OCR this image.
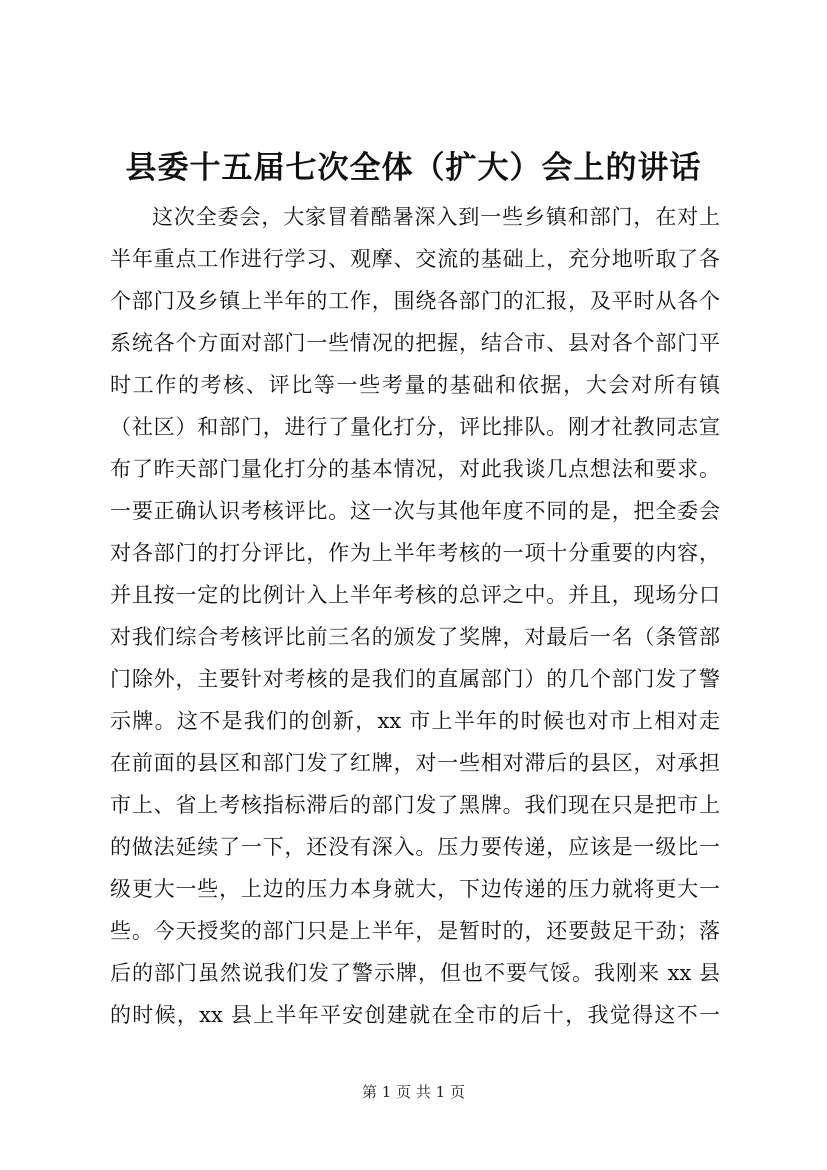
县委十五届七次全体（扩大）会上的讲话
这次全委会，大家冒着酷暑深入到一些乡镇和部门，在对上
半年重点工作进行学习、观摩、交流的基础上，充分地听取了各
个部门及乡镇上半年的工作，围绕各部门的汇报，及平时从各个
系统各个方面对部门一些情况的把握，结合市、县对各个部门平
时工作的考核、评比等一些考量的基础和依据，大会对所有镇
（社区）和部门，进行了量化打分，评比排队。刚才社教同志宣
布了昨天部门量化打分的基本情况，对此我谈几点想法和要求。
一要正确认识考核评比。这一次与其他年度不同的是，把全委会
对各部门的打分评比，作为上半年考核的一项十分重要的内容，
并且按一定的比例计入上半年考核的总评之中。并且，现场分口
对我们综合考核评比前三名的颁发了奖牌，对最后一名（条管部
门除外，主要针对考核的是我们的直属部门）的几个部门发了警
示牌。这不是我们的创新，xx 市上半年的时候也对市上相对走
在前面的县区和部门发了红牌，对一些相对滞后的县区，对承担
市上、省上考核指标滞后的部门发了黑牌。我们现在只是把市上
的做法延续了一下，还没有深入。压力要传递，应该是一级比一
级更大一些，上边的压力本身就大，下边传递的压力就将更大一
些。今天授奖的部门只是上半年，是暂时的，还要鼓足干劲；落
后的部门虽然说我们发了警示牌，但也不要气馁。我刚来 xx 县
的时候，xx 县上半年平安创建就在全市的后十，我觉得这不一
第 1 页 共 1 页
